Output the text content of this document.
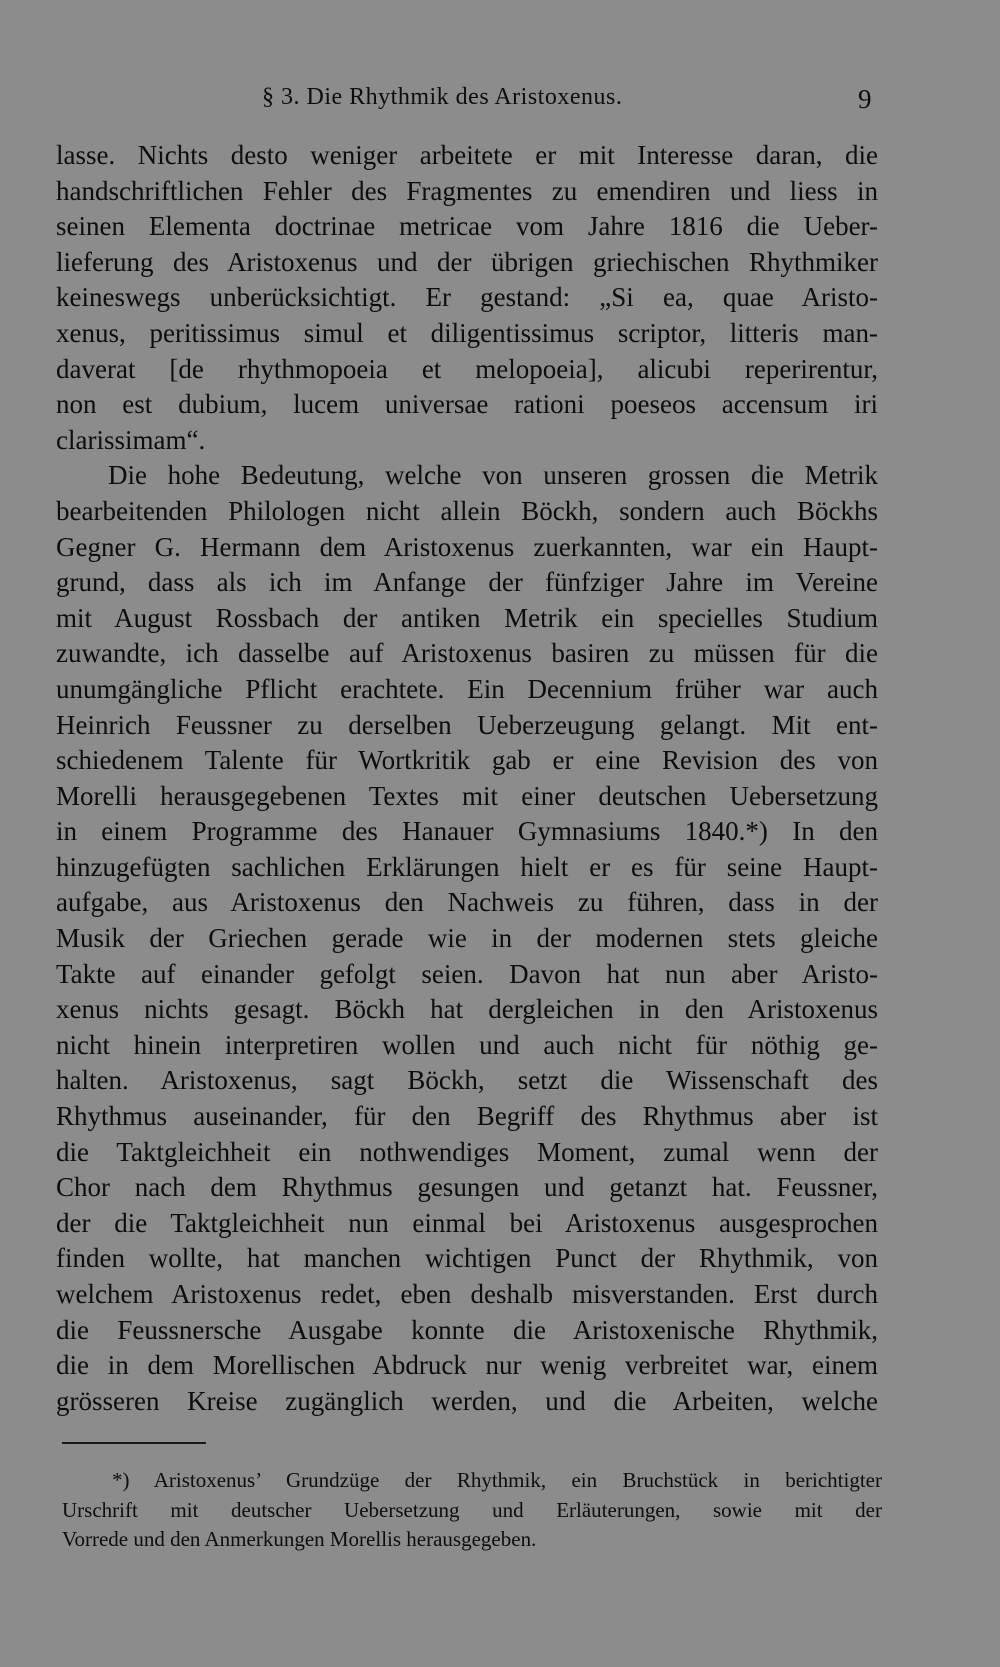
§ 3. Die Rhythmik des Aristoxenus.	9
lasse. Nichts desto weniger arbeitete er mit Interesse daran, die
handschriftlichen Fehler des Fragmentes zu emendiren und liess in
seinen Elementa doctrinae metricae vom Jahre 1816 die Ueber-
lieferung des Aristoxenus und der übrigen griechischen Rhythmiker
keineswegs unberücksichtigt. Er gestand: „Si ea, quae Aristo-
xenus, peritissimus simul et diligentissimus scriptor, litteris man-
daverat [de rhythmopoeia et melopoeia], alicubi reperirentur,
non est dubium, lucem universae rationi poeseos accensum iri
clarissimam“.
Die hohe Bedeutung, welche von unseren grossen die Metrik
bearbeitenden Philologen nicht allein Böckh, sondern auch Böckhs
Gegner G. Hermann dem Aristoxenus zuerkannten, war ein Haupt-
grund, dass als ich im Anfange der fünfziger Jahre im Vereine
mit August Rossbach der antiken Metrik ein specielles Studium
zuwandte, ich dasselbe auf Aristoxenus basiren zu müssen für die
unumgängliche Pflicht erachtete. Ein Decennium früher war auch
Heinrich Feussner zu derselben Ueberzeugung gelangt. Mit ent-
schiedenem Talente für Wortkritik gab er eine Revision des von
Morelli herausgegebenen Textes mit einer deutschen Uebersetzung
in einem Programme des Hanauer Gymnasiums 1840.*) In den
hinzugefügten sachlichen Erklärungen hielt er es für seine Haupt-
aufgabe, aus Aristoxenus den Nachweis zu führen, dass in der
Musik der Griechen gerade wie in der modernen stets gleiche
Takte auf einander gefolgt seien. Davon hat nun aber Aristo-
xenus nichts gesagt. Böckh hat dergleichen in den Aristoxenus
nicht hinein interpretiren wollen und auch nicht für nöthig ge-
halten. Aristoxenus, sagt Böckh, setzt die Wissenschaft des
Rhythmus auseinander, für den Begriff des Rhythmus aber ist
die Taktgleichheit ein nothwendiges Moment, zumal wenn der
Chor nach dem Rhythmus gesungen und getanzt hat. Feussner,
der die Taktgleichheit nun einmal bei Aristoxenus ausgesprochen
finden wollte, hat manchen wichtigen Punct der Rhythmik, von
welchem Aristoxenus redet, eben deshalb misverstanden. Erst durch
die Feussnersche Ausgabe konnte die Aristoxenische Rhythmik,
die in dem Morellischen Abdruck nur wenig verbreitet war, einem
grösseren Kreise zugänglich werden, und die Arbeiten, welche
*) Aristoxenus’ Grundzüge der Rhythmik, ein Bruchstück in berichtigter
Urschrift mit deutscher Uebersetzung und Erläuterungen, sowie mit der
Vorrede und den Anmerkungen Morellis herausgegeben.
